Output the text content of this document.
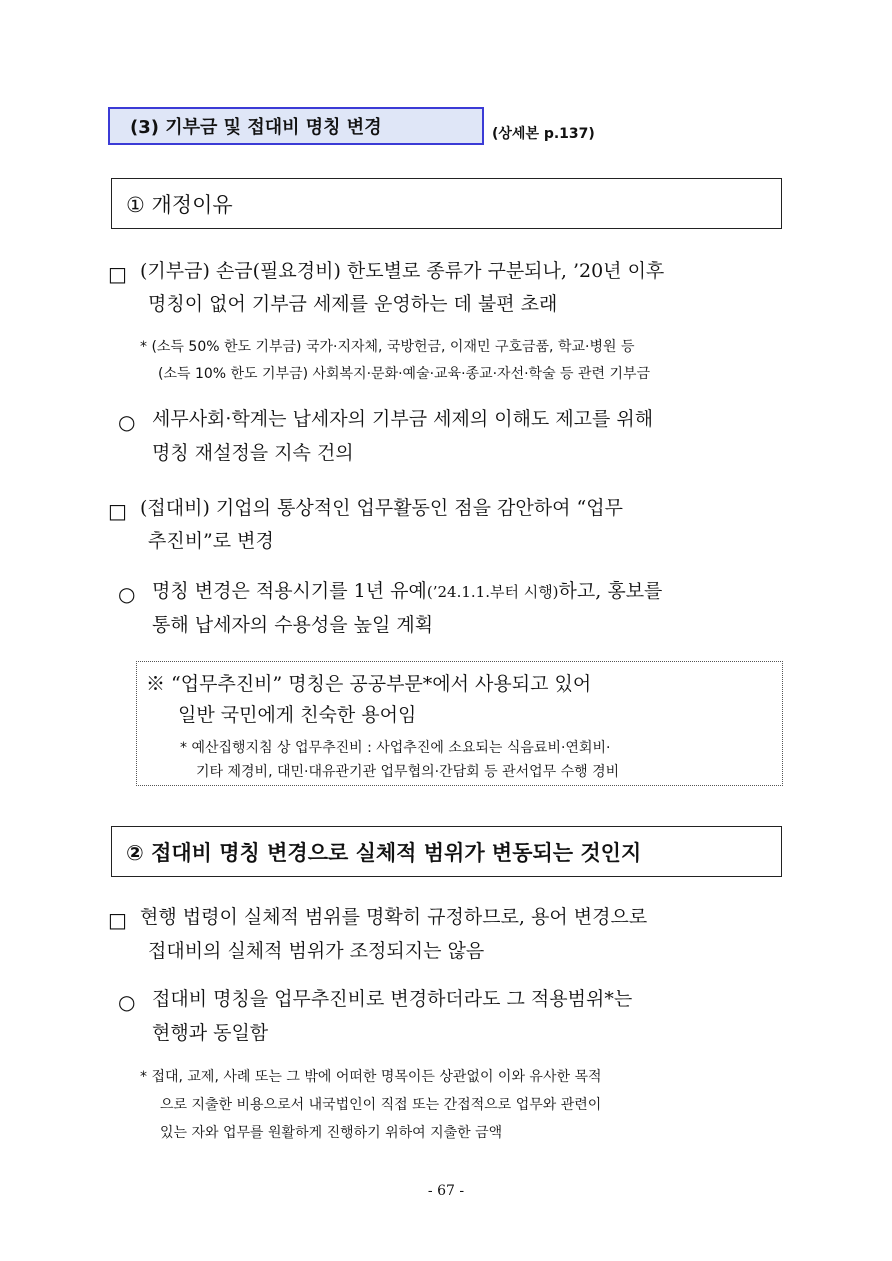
(3) 기부금 및 접대비 명칭 변경	(상세본 p.137)
① 개정이유
□ (기부금) 손금(필요경비) 한도별로 종류가 구분되나, ’20년 이후
명칭이 없어 기부금 세제를 운영하는 데 불편 초래
* (소득 50% 한도 기부금) 국가·지자체, 국방헌금, 이재민 구호금품, 학교·병원 등
(소득 10% 한도 기부금) 사회복지·문화·예술·교육·종교·자선·학술 등 관련 기부금
○ 세무사회·학계는 납세자의 기부금 세제의 이해도 제고를 위해
명칭 재설정을 지속 건의
□ (접대비) 기업의 통상적인 업무활동인 점을 감안하여 “업무
추진비”로 변경
○ 명칭 변경은 적용시기를 1년 유예(’24.1.1.부터 시행)하고, 홍보를
통해 납세자의 수용성을 높일 계획
※ “업무추진비” 명칭은 공공부문*에서 사용되고 있어
일반 국민에게 친숙한 용어임
* 예산집행지침 상 업무추진비 : 사업추진에 소요되는 식음료비·연회비·
기타 제경비, 대민·대유관기관 업무협의·간담회 등 관서업무 수행 경비
② 접대비 명칭 변경으로 실체적 범위가 변동되는 것인지
□ 현행 법령이 실체적 범위를 명확히 규정하므로, 용어 변경으로
접대비의 실체적 범위가 조정되지는 않음
○ 접대비 명칭을 업무추진비로 변경하더라도 그 적용범위*는
현행과 동일함
* 접대, 교제, 사례 또는 그 밖에 어떠한 명목이든 상관없이 이와 유사한 목적
으로 지출한 비용으로서 내국법인이 직접 또는 간접적으로 업무와 관련이
있는 자와 업무를 원활하게 진행하기 위하여 지출한 금액
- 67 -
